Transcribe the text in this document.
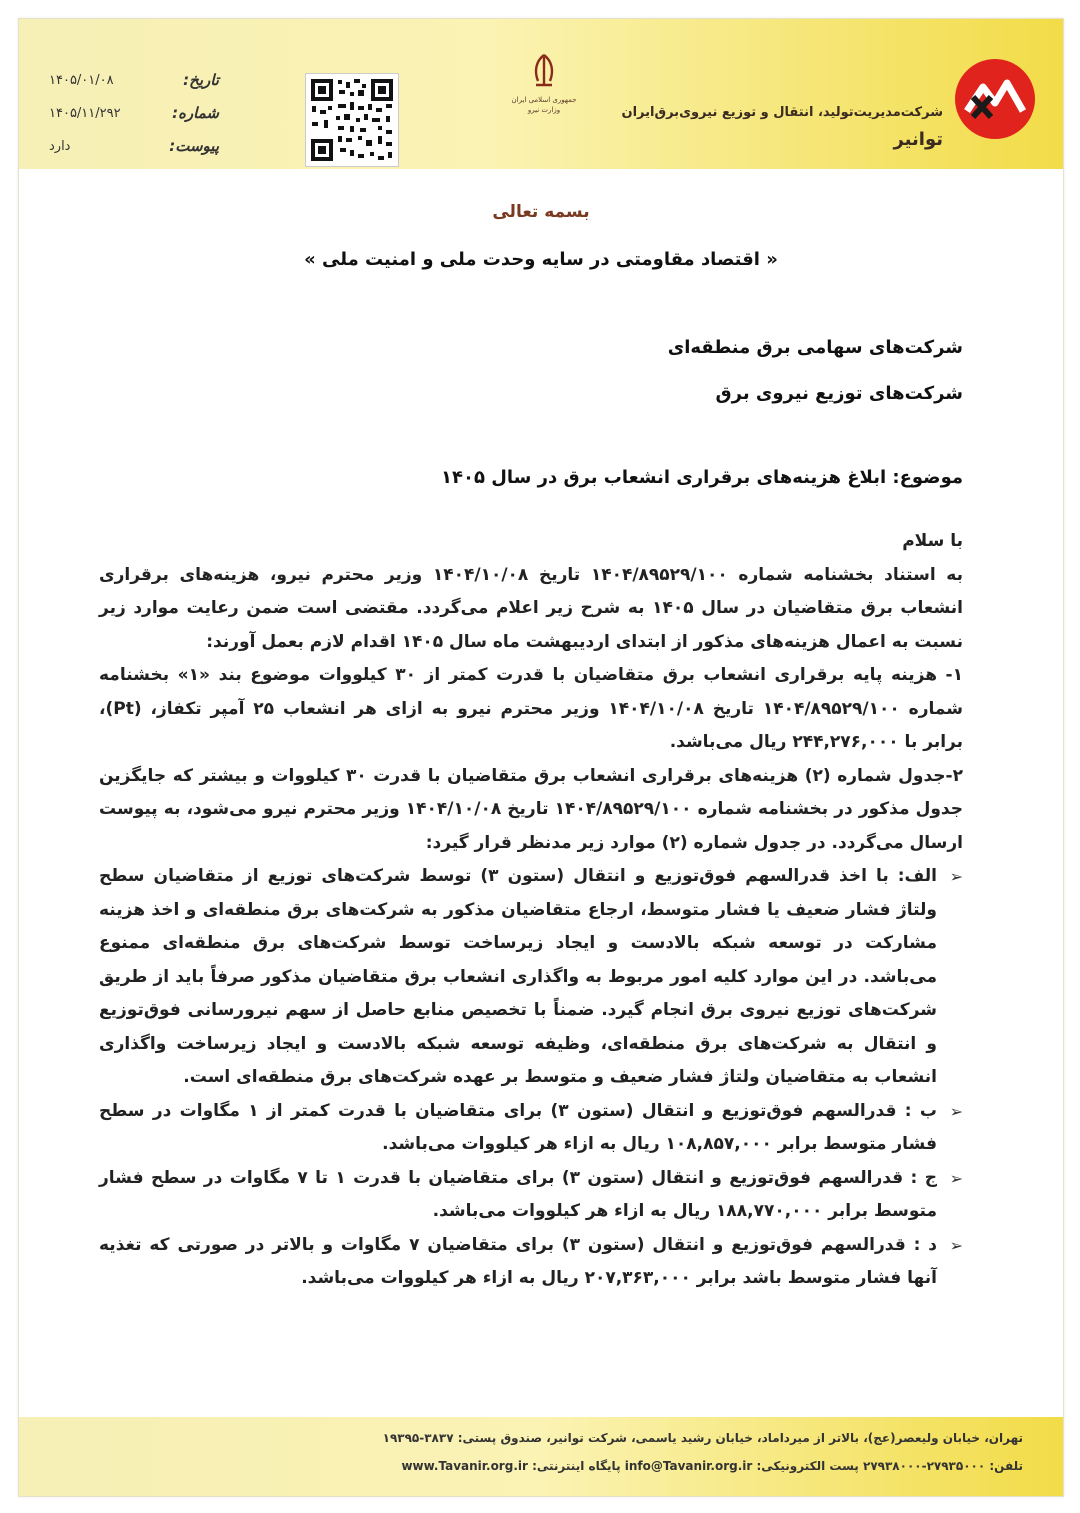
شرکت‌مدیریت‌تولید، انتقال و توزیع نیروی‌برق‌ایران
توانیر
جمهوری اسلامی ایران
وزارت نیرو
تاریخ:
۱۴۰۵/۰۱/۰۸
شماره:
۱۴۰۵/۱۱/۲۹۲
پیوست:
دارد
بسمه تعالی
« اقتصاد مقاومتی در سایه وحدت ملی و امنیت ملی »
شرکت‌های سهامی برق منطقه‌ای
شرکت‌های توزیع نیروی برق
موضوع: ابلاغ هزینه‌های برقراری انشعاب برق در سال ۱۴۰۵

با سلام

به استناد بخشنامه شماره ۱۴۰۴/۸۹۵۲۹/۱۰۰ تاریخ ۱۴۰۴/۱۰/۰۸ وزیر محترم نیرو، هزینه‌های برقراری انشعاب برق متقاضیان در سال ۱۴۰۵ به شرح زیر اعلام می‌گردد. مقتضی است ضمن رعایت موارد زیر نسبت به اعمال هزینه‌های مذکور از ابتدای اردیبهشت ماه سال ۱۴۰۵ اقدام لازم بعمل آورند:

۱- هزینه پایه برقراری انشعاب برق متقاضیان با قدرت کمتر از ۳۰ کیلووات موضوع بند «۱» بخشنامه شماره ۱۴۰۴/۸۹۵۲۹/۱۰۰ تاریخ ۱۴۰۴/۱۰/۰۸ وزیر محترم نیرو به ازای هر انشعاب ۲۵ آمپر تکفاز، (Pt)، برابر با ۲۴۴,۲۷۶,۰۰۰ ریال می‌باشد.

۲-جدول شماره (۲) هزینه‌های برقراری انشعاب برق متقاضیان با قدرت ۳۰ کیلووات و بیشتر که جایگزین جدول مذکور در بخشنامه شماره ۱۴۰۴/۸۹۵۲۹/۱۰۰ تاریخ ۱۴۰۴/۱۰/۰۸ وزیر محترم نیرو می‌شود، به پیوست ارسال می‌گردد. در جدول شماره (۲) موارد زیر مدنظر قرار گیرد:

➢
الف: با اخذ قدرالسهم فوق‌توزیع و انتقال (ستون ۳) توسط شرکت‌های توزیع از متقاضیان سطح ولتاژ فشار ضعیف یا فشار متوسط، ارجاع متقاضیان مذکور به شرکت‌های برق منطقه‌ای و اخذ هزینه مشارکت در توسعه شبکه بالادست و ایجاد زیرساخت توسط شرکت‌های برق منطقه‌ای ممنوع می‌باشد. در این موارد کلیه امور مربوط به واگذاری انشعاب برق متقاضیان مذکور صرفاً باید از طریق شرکت‌های توزیع نیروی برق انجام گیرد. ضمناً با تخصیص منابع حاصل از سهم نیرورسانی فوق‌توزیع و انتقال به شرکت‌های برق منطقه‌ای، وظیفه توسعه شبکه بالادست و ایجاد زیرساخت واگذاری انشعاب به متقاضیان ولتاژ فشار ضعیف و متوسط بر عهده شرکت‌های برق منطقه‌ای است.

➢
ب : قدرالسهم فوق‌توزیع و انتقال (ستون ۳) برای متقاضیان با قدرت کمتر از ۱ مگاوات در سطح فشار متوسط برابر ۱۰۸,۸۵۷,۰۰۰ ریال به ازاء هر کیلووات می‌باشد.

➢
ج : قدرالسهم فوق‌توزیع و انتقال (ستون ۳) برای متقاضیان با قدرت ۱ تا ۷ مگاوات در سطح فشار متوسط برابر ۱۸۸,۷۷۰,۰۰۰ ریال به ازاء هر کیلووات می‌باشد.

➢
د : قدرالسهم فوق‌توزیع و انتقال (ستون ۳) برای متقاضیان ۷ مگاوات و بالاتر در صورتی که تغذیه آنها فشار متوسط باشد برابر ۲۰۷,۳۶۳,۰۰۰ ریال به ازاء هر کیلووات می‌باشد.

تهران، خیابان ولیعصر(عج)، بالاتر از میرداماد، خیابان رشید یاسمی، شرکت توانیر، صندوق پستی: ۳۸۳۷-۱۹۳۹۵
تلفن: ۲۷۹۳۵۰۰۰-۲۷۹۳۸۰۰۰ پست الکترونیکی: info@Tavanir.org.ir پایگاه اینترنتی: www.Tavanir.org.ir
